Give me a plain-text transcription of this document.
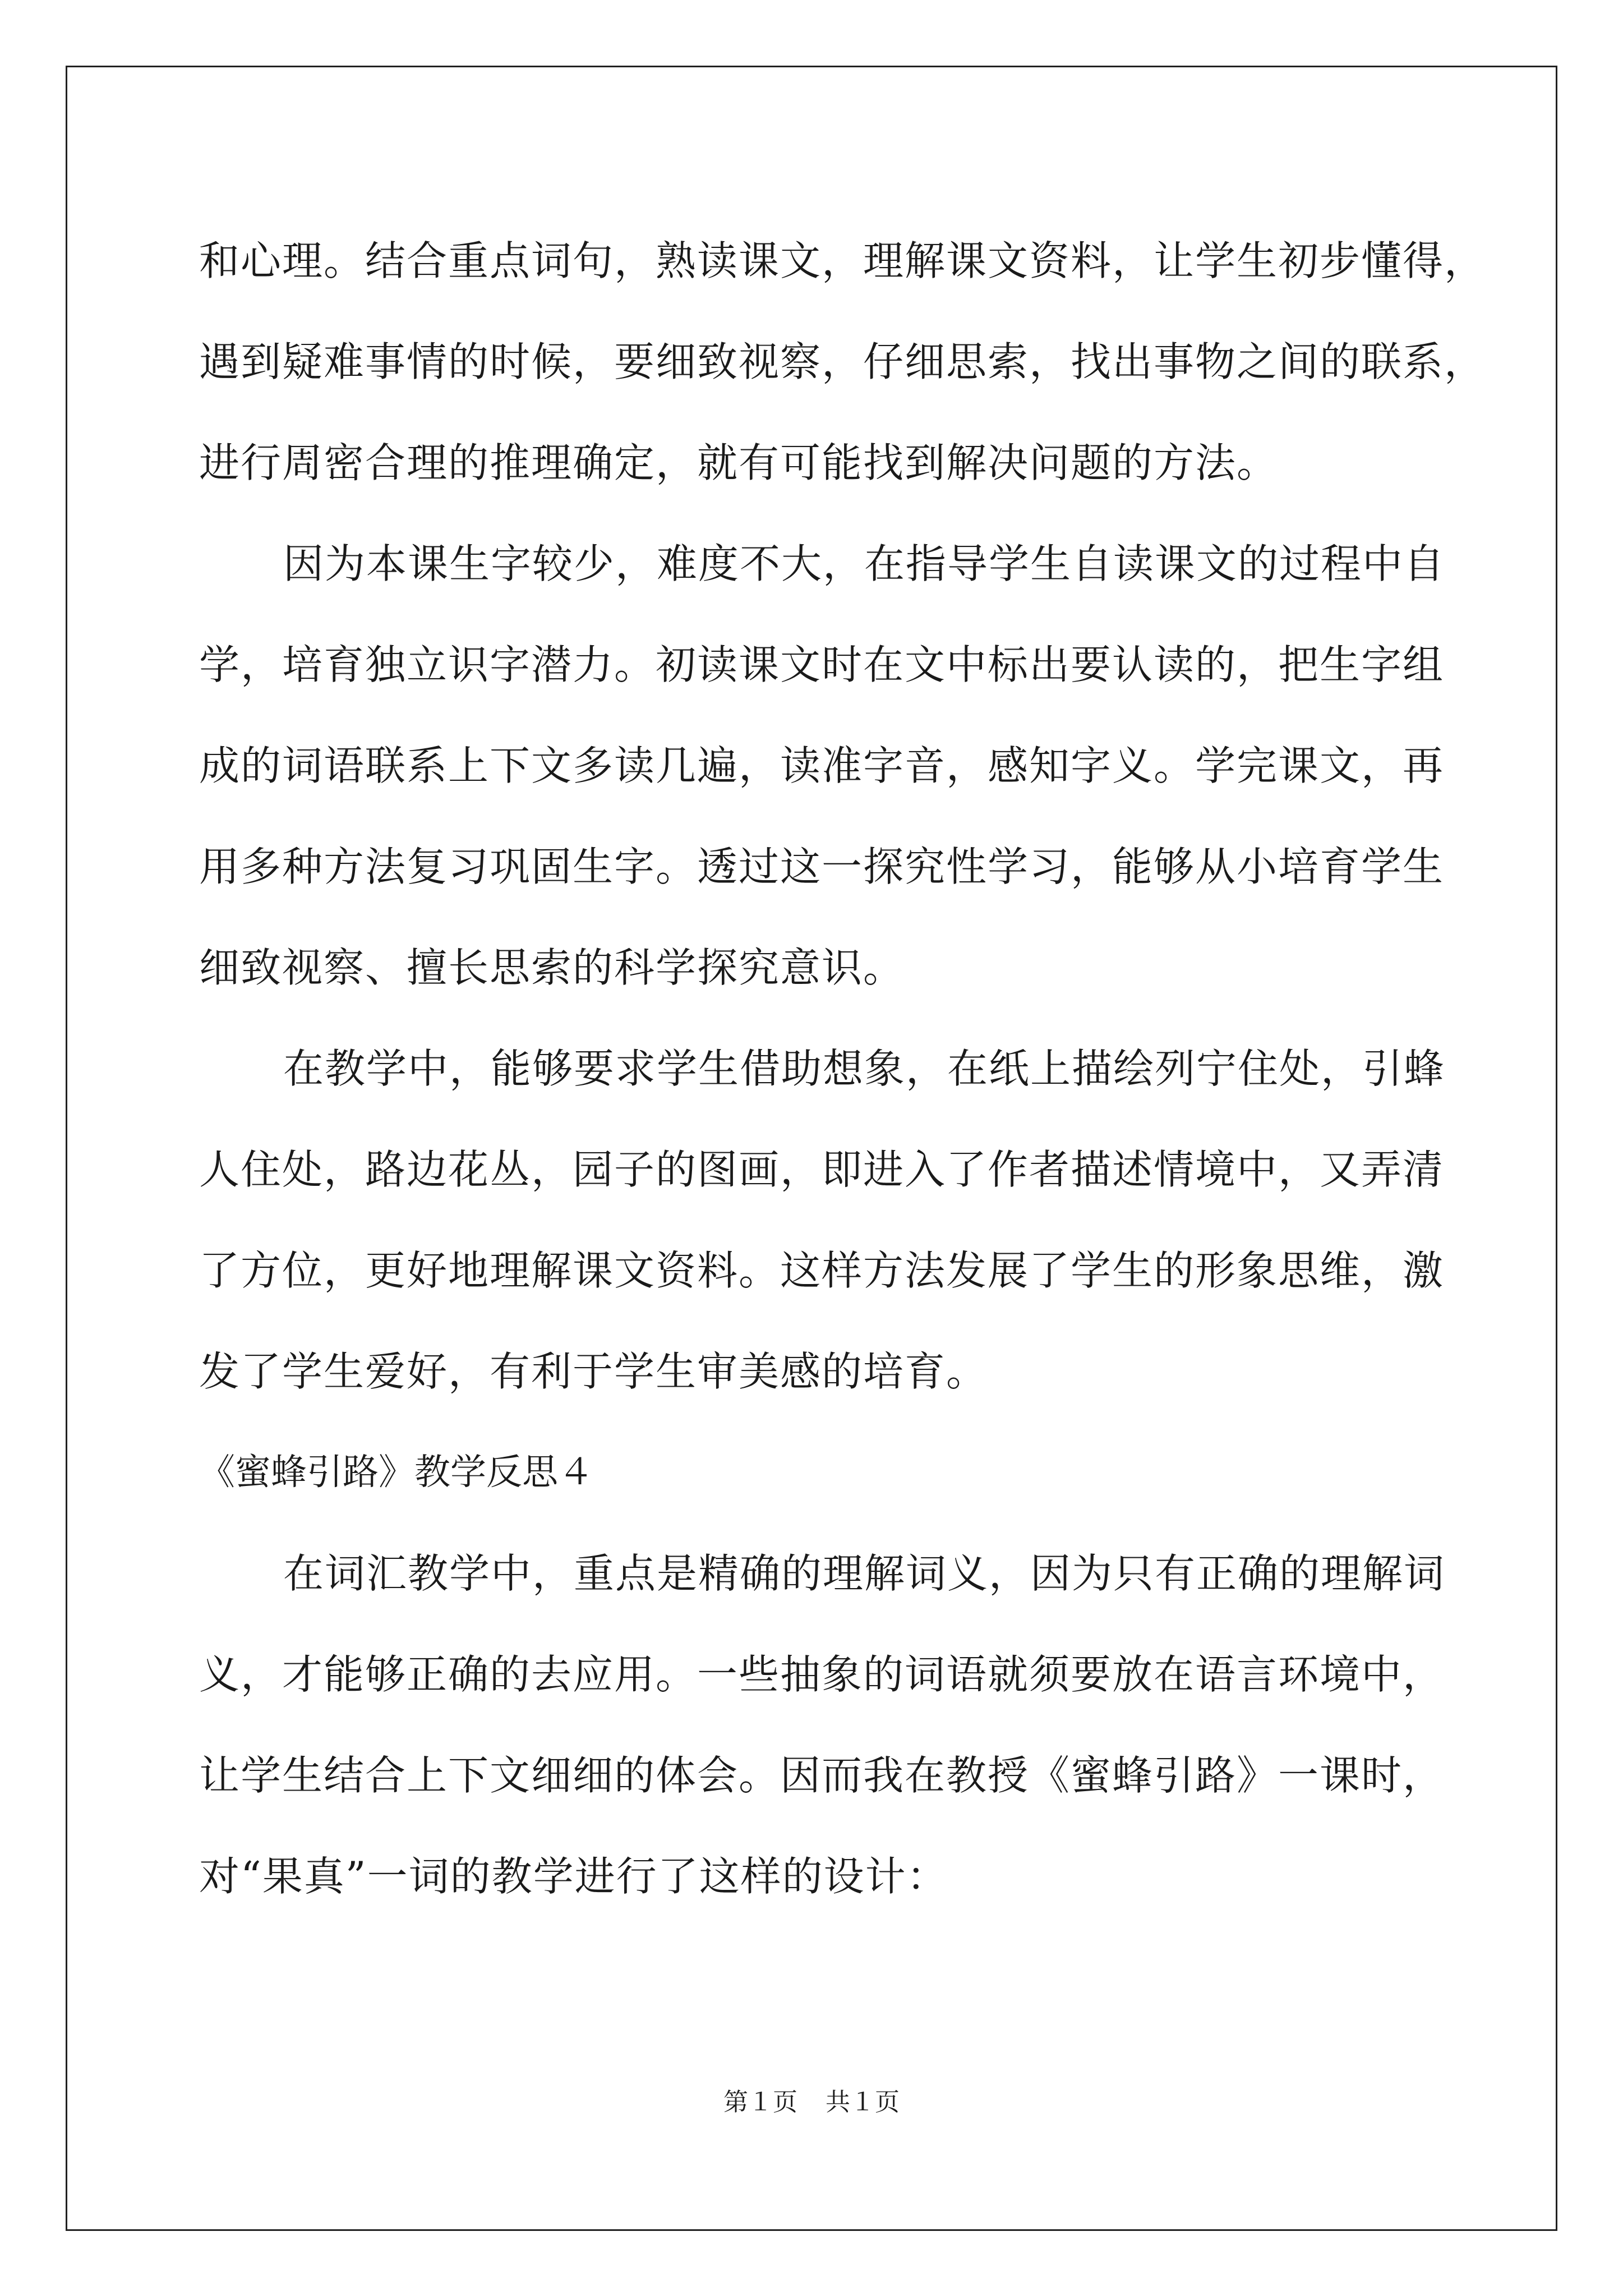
和心理。结合重点词句，熟读课文，理解课文资料，让学生初步懂得，
遇到疑难事情的时候，要细致视察，仔细思索，找出事物之间的联系，
进行周密合理的推理确定，就有可能找到解决问题的方法。
因为本课生字较少，难度不大，在指导学生自读课文的过程中自
学，培育独立识字潜力。初读课文时在文中标出要认读的，把生字组
成的词语联系上下文多读几遍，读准字音，感知字义。学完课文，再
用多种方法复习巩固生字。透过这一探究性学习，能够从小培育学生
细致视察、擅长思索的科学探究意识。
在教学中，能够要求学生借助想象，在纸上描绘列宁住处，引蜂
人住处，路边花丛，园子的图画，即进入了作者描述情境中，又弄清
了方位，更好地理解课文资料。这样方法发展了学生的形象思维，激
发了学生爱好，有利于学生审美感的培育。
《蜜蜂引路》教学反思４
在词汇教学中，重点是精确的理解词义，因为只有正确的理解词
义，才能够正确的去应用。一些抽象的词语就须要放在语言环境中，
让学生结合上下文细细的体会。因而我在教授《蜜蜂引路》一课时，
对“果真”一词的教学进行了这样的设计：
第１页 共１页
